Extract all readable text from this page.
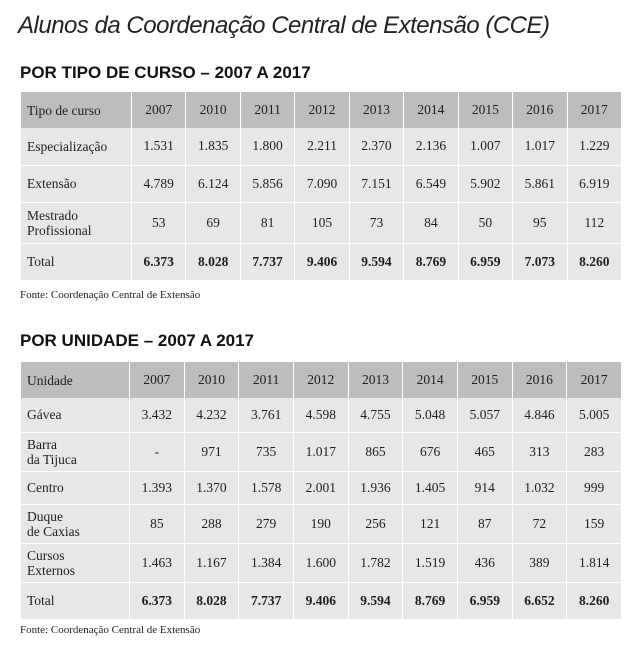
Alunos da Coordenação Central de Extensão (CCE)
POR TIPO DE CURSO – 2007 A 2017
Tipo de curso	2007	2010	2011	2012	2013	2014	2015	2016	2017
Especialização	1.531	1.835	1.800	2.211	2.370	2.136	1.007	1.017	1.229
Extensão	4.789	6.124	5.856	7.090	7.151	6.549	5.902	5.861	6.919
Mestrado
Profissional	53	69	81	105	73	84	50	95	112
Total	6.373	8.028	7.737	9.406	9.594	8.769	6.959	7.073	8.260
Fonte: Coordenação Central de Extensão
POR UNIDADE – 2007 A 2017
Unidade	2007	2010	2011	2012	2013	2014	2015	2016	2017
Gávea	3.432	4.232	3.761	4.598	4.755	5.048	5.057	4.846	5.005
Barra
da Tijuca	-	971	735	1.017	865	676	465	313	283
Centro	1.393	1.370	1.578	2.001	1.936	1.405	914	1.032	999
Duque
de Caxias	85	288	279	190	256	121	87	72	159
Cursos
Externos	1.463	1.167	1.384	1.600	1.782	1.519	436	389	1.814
Total	6.373	8.028	7.737	9.406	9.594	8.769	6.959	6.652	8.260
Fonte: Coordenação Central de Extensão
